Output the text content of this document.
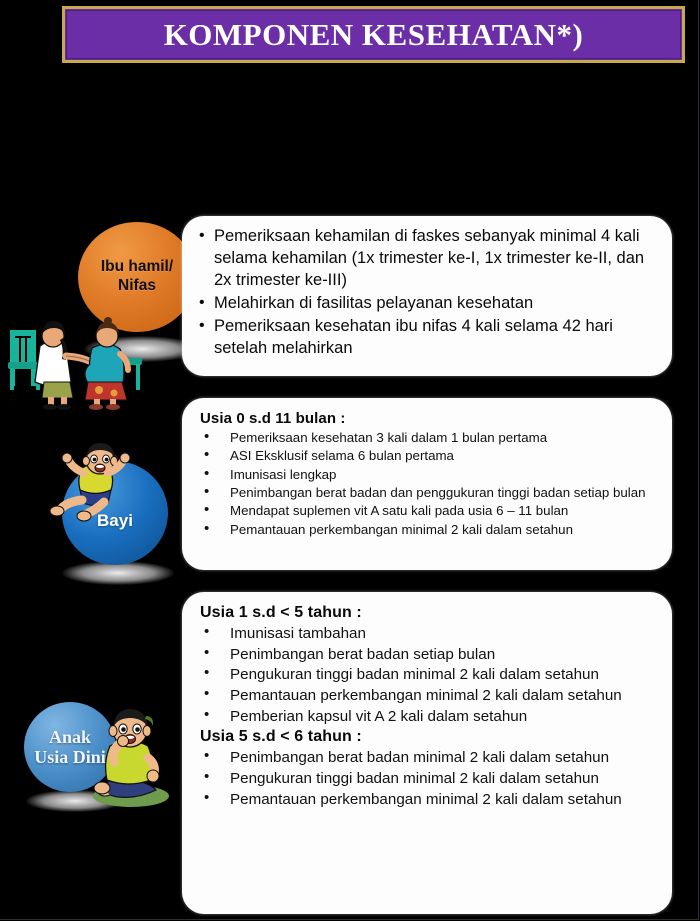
KOMPONEN KESEHATAN*)
Ibu hamil/
Nifas
• Pemeriksaan kehamilan di faskes sebanyak minimal 4 kali selama kehamilan (1x trimester ke-I, 1x trimester ke-II, dan 2x trimester ke-III)
• Melahirkan di fasilitas pelayanan kesehatan
• Pemeriksaan kesehatan ibu nifas 4 kali selama 42 hari setelah melahirkan
Bayi
Usia 0 s.d 11 bulan :
• Pemeriksaan kesehatan 3 kali dalam 1 bulan pertama
• ASI Eksklusif selama 6 bulan pertama
• Imunisasi lengkap
• Penimbangan berat badan dan penggukuran tinggi badan setiap bulan
• Mendapat suplemen vit A satu kali pada usia 6 – 11 bulan
• Pemantauan perkembangan minimal 2 kali dalam setahun
Anak
Usia Dini
Usia 1 s.d < 5 tahun :
• Imunisasi tambahan
• Penimbangan berat badan setiap bulan
• Pengukuran tinggi badan minimal 2 kali dalam setahun
• Pemantauan perkembangan minimal 2 kali dalam setahun
• Pemberian kapsul vit A 2 kali dalam setahun
Usia 5 s.d < 6 tahun :
• Penimbangan berat badan minimal 2 kali dalam setahun
• Pengukuran tinggi badan minimal 2 kali dalam setahun
• Pemantauan perkembangan minimal 2 kali dalam setahun
